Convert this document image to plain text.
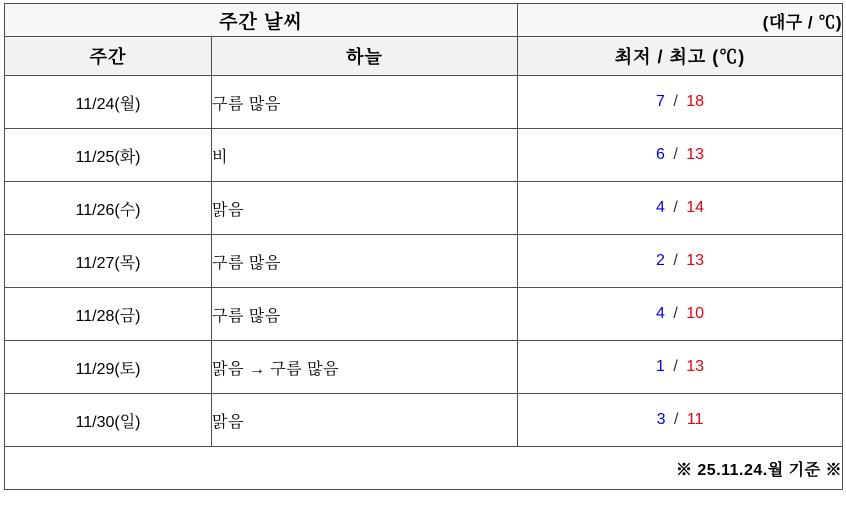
주간 날씨		(대구 / ℃)
주간	하늘	최저 / 최고 (℃)
11/24(월)	구름 많음	7 / 18
11/25(화)	비	6 / 13
11/26(수)	맑음	4 / 14
11/27(목)	구름 많음	2 / 13
11/28(금)	구름 많음	4 / 10
11/29(토)	맑음 → 구름 많음	1 / 13
11/30(일)	맑음	3 / 11
※ 25.11.24.월 기준 ※		
